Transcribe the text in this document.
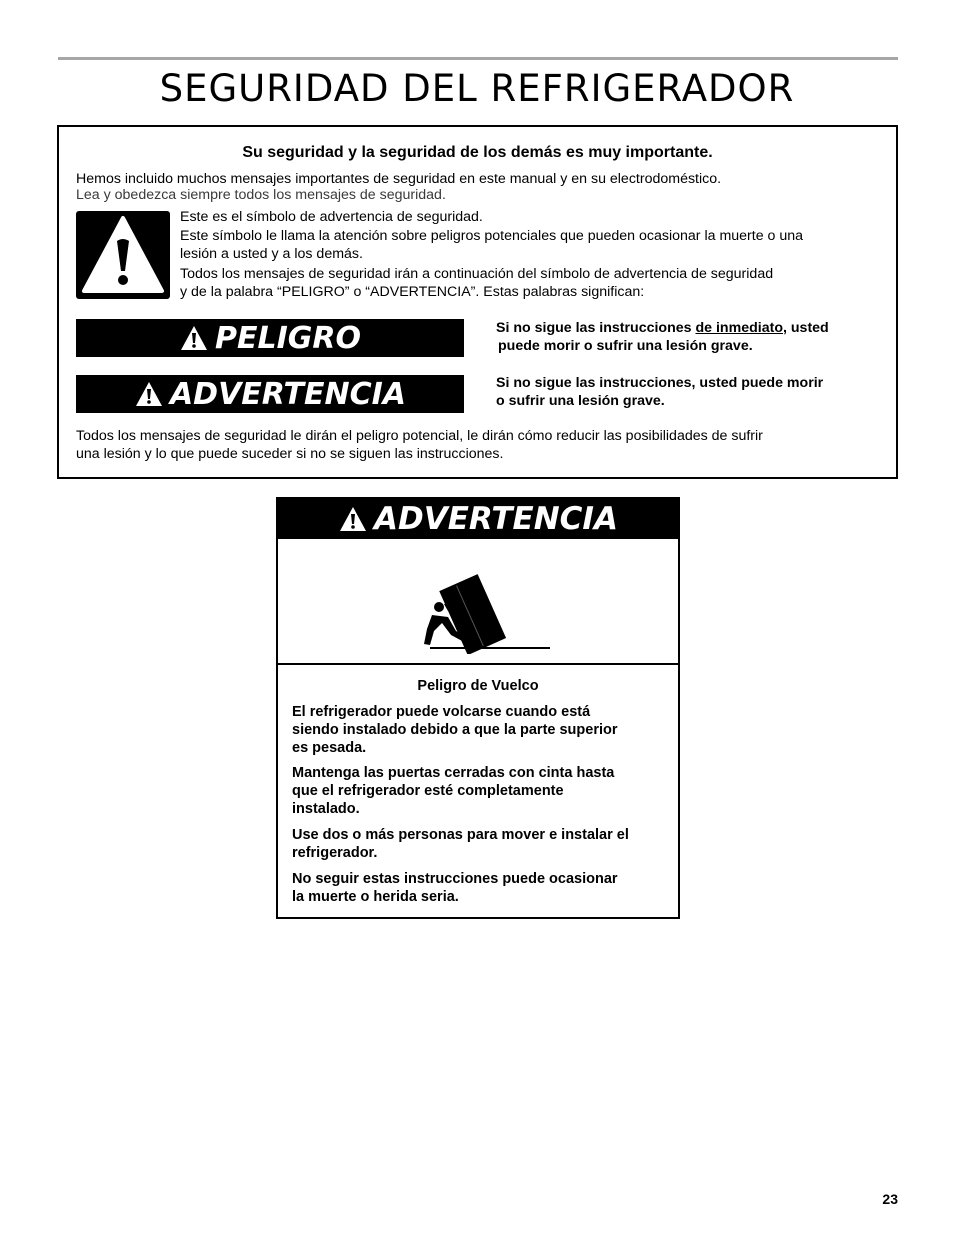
SEGURIDAD DEL REFRIGERADOR

Su seguridad y la seguridad de los demás es muy importante.

Hemos incluido muchos mensajes importantes de seguridad en este manual y en su electrodoméstico.

Lea y obedezca siempre todos los mensajes de seguridad.

Este es el símbolo de advertencia de seguridad.

Este símbolo le llama la atención sobre peligros potenciales que pueden ocasionar la muerte o una

lesión a usted y a los demás.

Todos los mensajes de seguridad irán a continuación del símbolo de advertencia de seguridad

y de la palabra “PELIGRO” o “ADVERTENCIA”. Estas palabras significan:

PELIGRO	Si no sigue las instrucciones de inmediato, usted

puede morir o sufrir una lesión grave.

ADVERTENCIA	Si no sigue las instrucciones, usted puede morir

o sufrir una lesión grave.

Todos los mensajes de seguridad le dirán el peligro potencial, le dirán cómo reducir las posibilidades de sufrir

una lesión y lo que puede suceder si no se siguen las instrucciones.

ADVERTENCIA

Peligro de Vuelco

El refrigerador puede volcarse cuando está
siendo instalado debido a que la parte superior
es pesada.

Mantenga las puertas cerradas con cinta hasta
que el refrigerador esté completamente
instalado.

Use dos o más personas para mover e instalar el
refrigerador.

No seguir estas instrucciones puede ocasionar
la muerte o herida seria.

23
